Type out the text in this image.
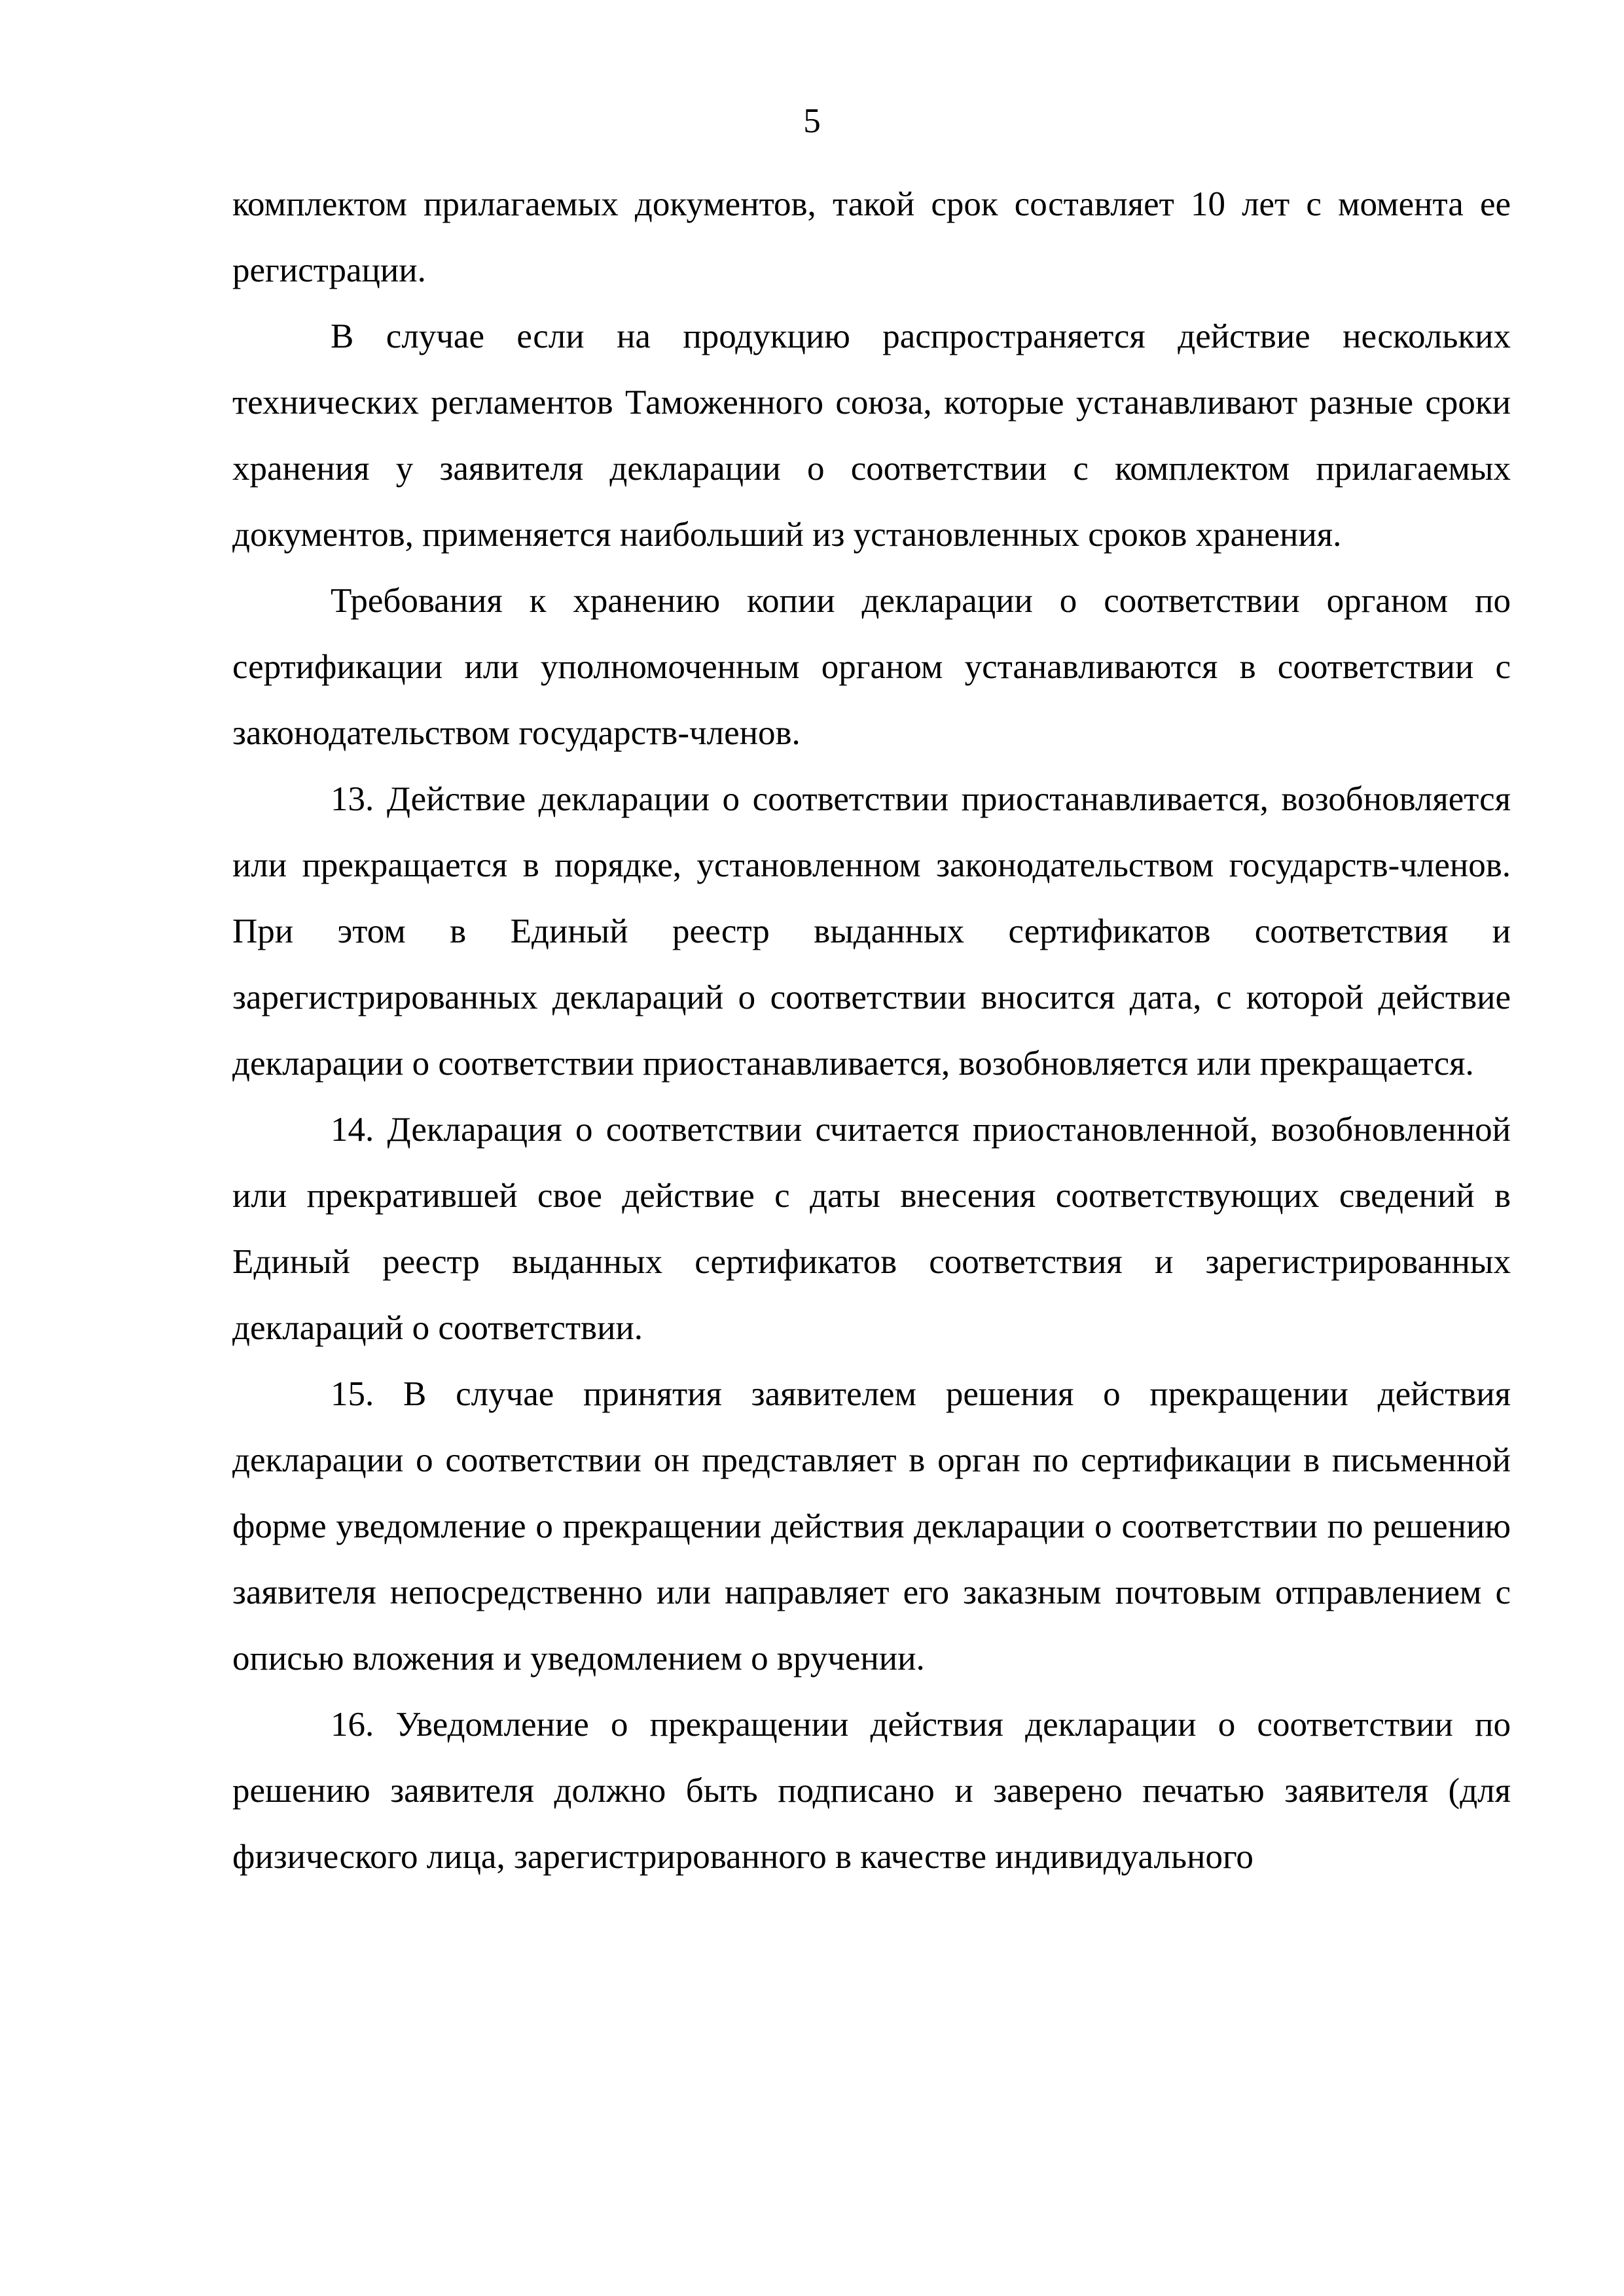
5

комплектом прилагаемых документов, такой срок составляет 10 лет с момента ее регистрации.

В случае если на продукцию распространяется действие нескольких технических регламентов Таможенного союза, которые устанавливают разные сроки хранения у заявителя декларации о соответствии с комплектом прилагаемых документов, применяется наибольший из установленных сроков хранения.

Требования к хранению копии декларации о соответствии органом по сертификации или уполномоченным органом устанавливаются в соответствии с законодательством государств-членов.

13. Действие декларации о соответствии приостанавливается, возобновляется или прекращается в порядке, установленном законодательством государств-членов. При этом в Единый реестр выданных сертификатов соответствия и зарегистрированных деклараций о соответствии вносится дата, с которой действие декларации о соответствии приостанавливается, возобновляется или прекращается.

14. Декларация о соответствии считается приостановленной, возобновленной или прекратившей свое действие с даты внесения соответствующих сведений в Единый реестр выданных сертификатов соответствия и зарегистрированных деклараций о соответствии.

15. В случае принятия заявителем решения о прекращении действия декларации о соответствии он представляет в орган по сертификации в письменной форме уведомление о прекращении действия декларации о соответствии по решению заявителя непосредственно или направляет его заказным почтовым отправлением с описью вложения и уведомлением о вручении.

16. Уведомление о прекращении действия декларации о соответствии по решению заявителя должно быть подписано и заверено печатью заявителя (для физического лица, зарегистрированного в качестве индивидуального
